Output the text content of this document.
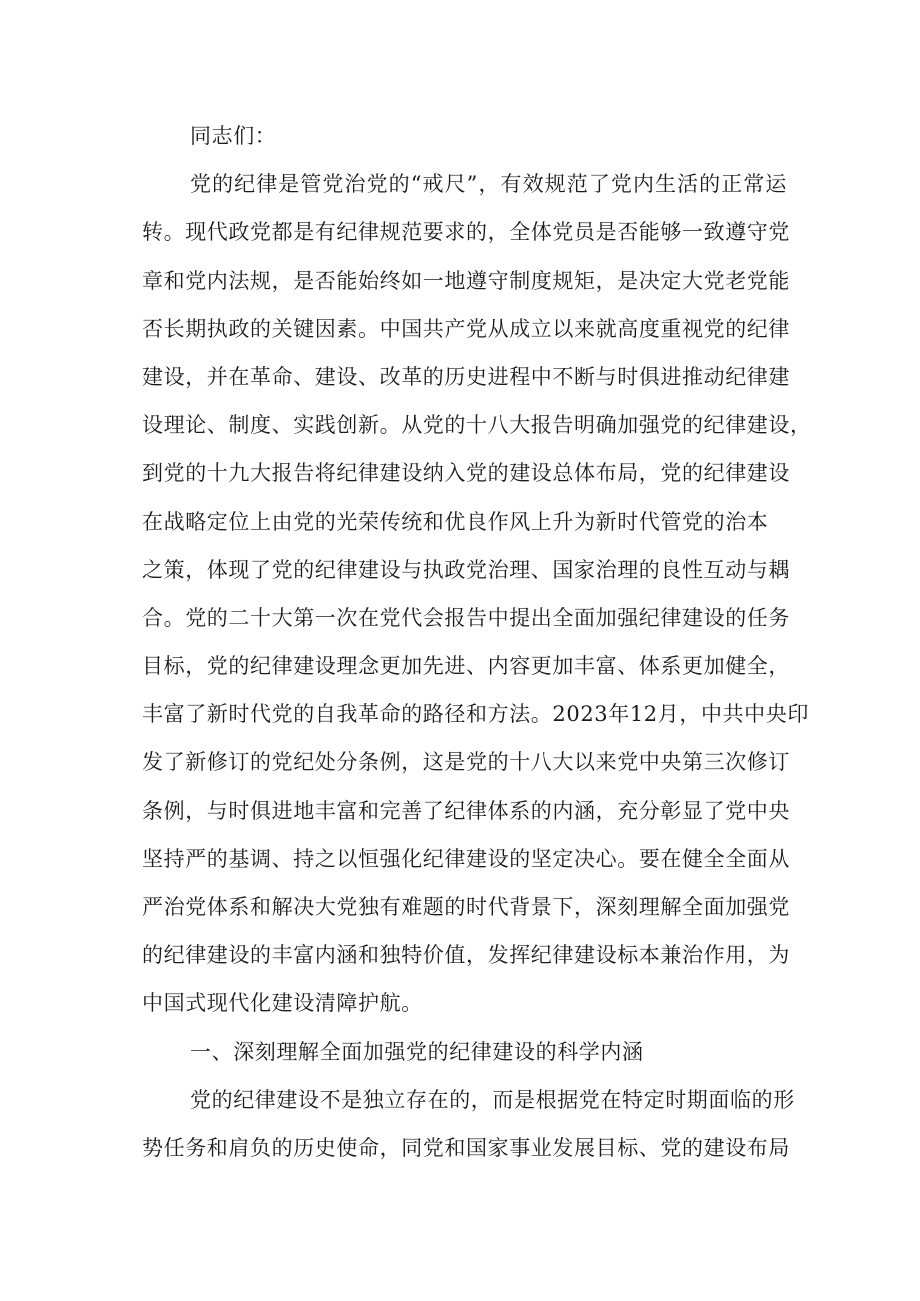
同志们：
党的纪律是管党治党的“戒尺”，有效规范了党内生活的正常运
转。现代政党都是有纪律规范要求的，全体党员是否能够一致遵守党
章和党内法规，是否能始终如一地遵守制度规矩，是决定大党老党能
否长期执政的关键因素。中国共产党从成立以来就高度重视党的纪律
建设，并在革命、建设、改革的历史进程中不断与时俱进推动纪律建
设理论、制度、实践创新。从党的十八大报告明确加强党的纪律建设，
到党的十九大报告将纪律建设纳入党的建设总体布局，党的纪律建设
在战略定位上由党的光荣传统和优良作风上升为新时代管党的治本
之策，体现了党的纪律建设与执政党治理、国家治理的良性互动与耦
合。党的二十大第一次在党代会报告中提出全面加强纪律建设的任务
目标，党的纪律建设理念更加先进、内容更加丰富、体系更加健全，
丰富了新时代党的自我革命的路径和方法。2023年12月，中共中央印
发了新修订的党纪处分条例，这是党的十八大以来党中央第三次修订
条例，与时俱进地丰富和完善了纪律体系的内涵，充分彰显了党中央
坚持严的基调、持之以恒强化纪律建设的坚定决心。要在健全全面从
严治党体系和解决大党独有难题的时代背景下，深刻理解全面加强党
的纪律建设的丰富内涵和独特价值，发挥纪律建设标本兼治作用，为
中国式现代化建设清障护航。
一、深刻理解全面加强党的纪律建设的科学内涵
党的纪律建设不是独立存在的，而是根据党在特定时期面临的形
势任务和肩负的历史使命，同党和国家事业发展目标、党的建设布局
